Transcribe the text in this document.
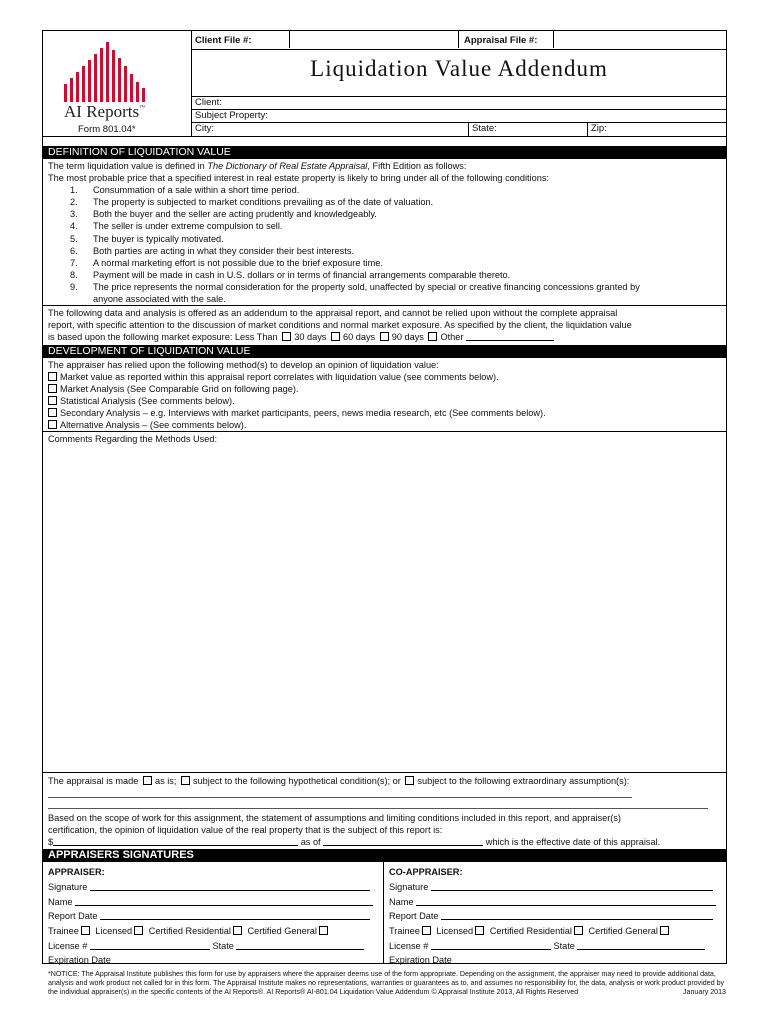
AI Reports™
Form 801.04*
Client File #:	Appraisal File #:
Liquidation Value Addendum
Client:
Subject Property:
City:	State:	Zip:
DEFINITION OF LIQUIDATION VALUE
The term liquidation value is defined in The Dictionary of Real Estate Appraisal, Fifth Edition as follows:
The most probable price that a specified interest in real estate property is likely to bring under all of the following conditions:
1. Consummation of a sale within a short time period.
2. The property is subjected to market conditions prevailing as of the date of valuation.
3. Both the buyer and the seller are acting prudently and knowledgeably.
4. The seller is under extreme compulsion to sell.
5. The buyer is typically motivated.
6. Both parties are acting in what they consider their best interests.
7. A normal marketing effort is not possible due to the brief exposure time.
8. Payment will be made in cash in U.S. dollars or in terms of financial arrangements comparable thereto.
9. The price represents the normal consideration for the property sold, unaffected by special or creative financing concessions granted by
anyone associated with the sale.
The following data and analysis is offered as an addendum to the appraisal report, and cannot be relied upon without the complete appraisal
report, with specific attention to the discussion of market conditions and normal market exposure. As specified by the client, the liquidation value
is based upon the following market exposure: Less Than 30 days 60 days 90 days Other
DEVELOPMENT OF LIQUIDATION VALUE
The appraiser has relied upon the following method(s) to develop an opinion of liquidation value:
Market value as reported within this appraisal report correlates with liquidation value (see comments below).
Market Analysis (See Comparable Grid on following page).
Statistical Analysis (See comments below).
Secondary Analysis – e.g. Interviews with market participants, peers, news media research, etc (See comments below).
Alternative Analysis – (See comments below).
Comments Regarding the Methods Used:
The appraisal is made as is; subject to the following hypothetical condition(s); or subject to the following extraordinary assumption(s):
Based on the scope of work for this assignment, the statement of assumptions and limiting conditions included in this report, and appraiser(s)
certification, the opinion of liquidation value of the real property that is the subject of this report is:
$	as of	which is the effective date of this appraisal.
APPRAISERS SIGNATURES
APPRAISER:
Signature
Name
Report Date
Trainee Licensed Certified Residential Certified General
License #	State
Expiration Date
CO-APPRAISER:
Signature
Name
Report Date
Trainee Licensed Certified Residential Certified General
License #	State
Expiration Date
*NOTICE: The Appraisal Institute publishes this form for use by appraisers where the appraiser deems use of the form appropriate. Depending on the assignment, the appraiser may need to provide additional data, analysis and work product not called for in this form. The Appraisal Institute makes no representations, warranties or guarantees as to, and assumes no responsibility for, the data, analysis or work product provided by the individual appraiser(s) in the specific contents of the AI Reports®. AI Reports® AI-801.04 Liquidation Value Addendum © Appraisal Institute 2013, All Rights Reserved	January 2013
